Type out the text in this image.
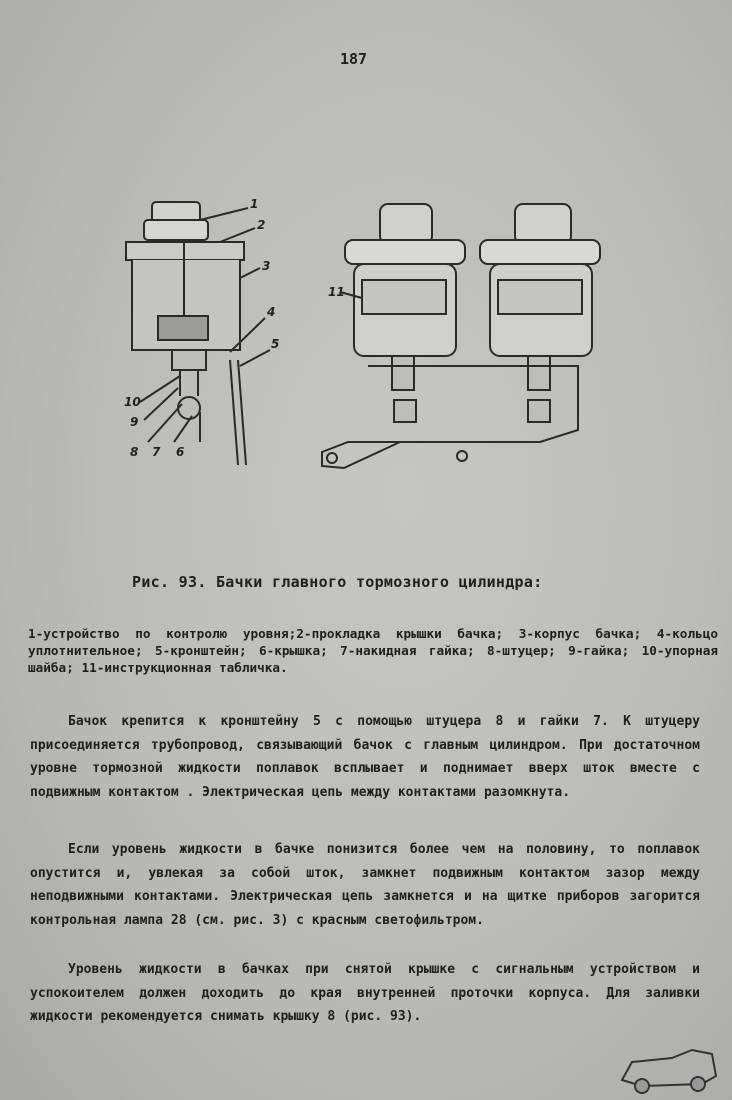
187
1
2
3
4
5
10
9
8 7 6
11
Рис. 93. Бачки главного тормозного цилиндра:
1-устройство по контролю уровня;2-прокладка крышки бачка; 3-корпус бачка; 4-кольцо уплотнительное; 5-кронштейн; 6-крышка; 7-накидная гайка; 8-штуцер; 9-гайка; 10-упорная шайба; 11-инструкционная табличка.
Бачок крепится к кронштейну 5 с помощью штуцера 8 и гайки 7. К штуцеру присоединяется трубопровод, связывающий бачок с главным цилиндром. При достаточном уровне тормозной жидкости поплавок всплывает и поднимает вверх шток вместе с подвижным контактом . Электрическая цепь между контактами разомкнута.
Если уровень жидкости в бачке понизится более чем на половину, то поплавок опустится и, увлекая за собой шток, замкнет подвижным контактом зазор между неподвижными контактами. Электрическая цепь замкнется и на щитке приборов загорится контрольная лампа 28 (см. рис. 3) с красным светофильтром.
Уровень жидкости в бачках при снятой крышке с сигнальным устройством и успокоителем должен доходить до края внутренней проточки корпуса. Для заливки жидкости рекомендуется снимать крышку 8 (рис. 93).
